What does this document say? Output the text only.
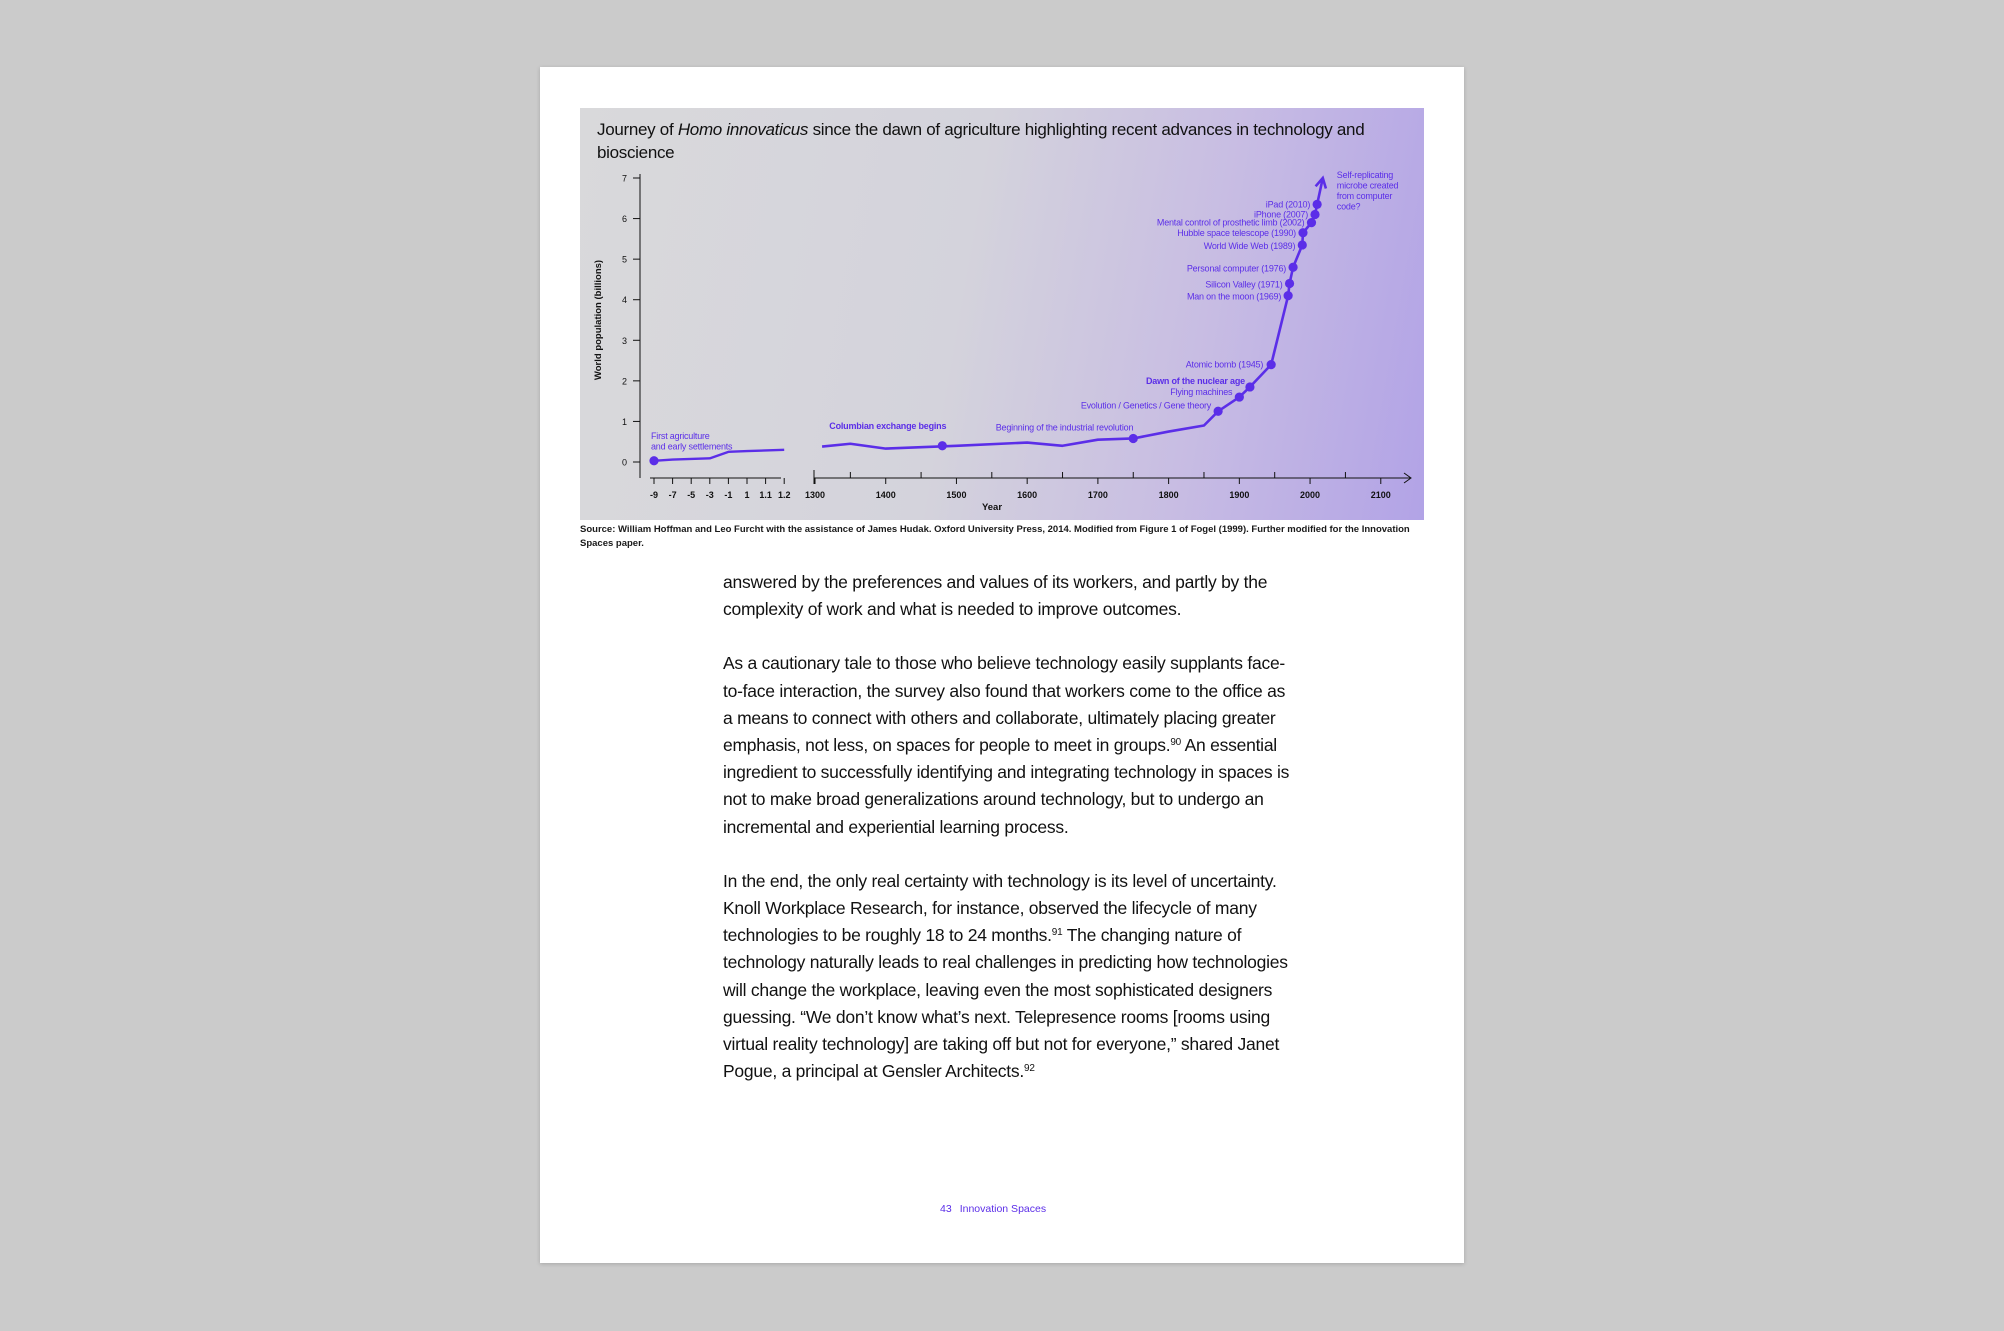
Journey of Homo innovaticus since the dawn of agriculture highlighting recent advances in technology and bioscience
0
1
2
3
4
5
6
7
World population (billions)
-9 -7 -5 -3 -1 1 1.1 1.2 1300	1400	1500	1600	1700	1800	1900	2000	2100
Year
First agriculture and early settlements
Columbian exchange begins	Beginning of the industrial revolution
Evolution / Genetics / Gene theory
Flying machines
Dawn of the nuclear age
Atomic bomb (1945)
Man on the moon (1969)
Silicon Valley (1971)
Personal computer (1976)
World Wide Web (1989)
Hubble space telescope (1990)
Mental control of prosthetic limb (2002)
iPhone (2007)
iPad (2010)
Self-replicating microbe created from computer code?

Source: William Hoffman and Leo Furcht with the assistance of James Hudak. Oxford University Press, 2014. Modified from Figure 1 of Fogel (1999). Further modified for the Innovation Spaces paper.

answered by the preferences and values of its workers, and partly by the complexity of work and what is needed to improve outcomes.

As a cautionary tale to those who believe technology easily supplants face-to-face interaction, the survey also found that workers come to the office as a means to connect with others and collaborate, ultimately placing greater emphasis, not less, on spaces for people to meet in groups.$^{90}$ An essential ingredient to successfully identifying and integrating technology in spaces is not to make broad generalizations around technology, but to undergo an incremental and experiential learning process.

In the end, the only real certainty with technology is its level of uncertainty. Knoll Workplace Research, for instance, observed the lifecycle of many technologies to be roughly 18 to 24 months.$^{91}$ The changing nature of technology naturally leads to real challenges in predicting how technologies will change the workplace, leaving even the most sophisticated designers guessing. “We don’t know what’s next. Telepresence rooms [rooms using virtual reality technology] are taking off but not for everyone,” shared Janet Pogue, a principal at Gensler Architects.$^{92}$

43 Innovation Spaces
